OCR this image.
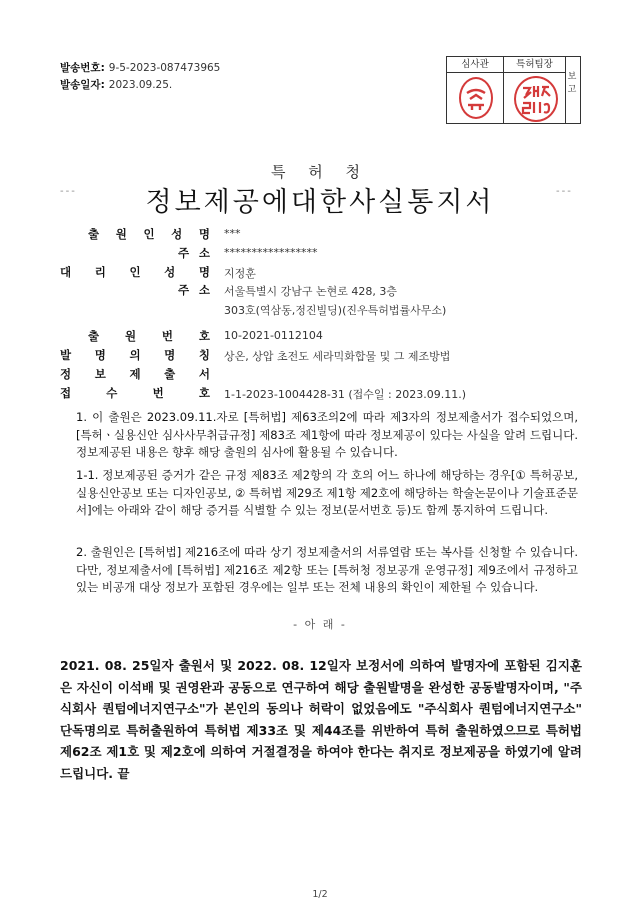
발송번호: 9-5-2023-087473965
발송일자: 2023.09.25.
심사관	특허팀장
보고
특 허 청
---	정보제공에대한사실통지서	---
출 원 인 성 명 ***
주 소 *****************
대 리 인 성 명 지정훈
주 소 서울특별시 강남구 논현로 428, 3층
303호(역삼동,정진빌딩)(진우특허법률사무소)
출 원 번 호 10-2021-0112104
발 명 의 명 칭 상온, 상압 초전도 세라믹화합물 및 그 제조방법
정 보 제 출 서
접	수	번	호 1-1-2023-1004428-31 (접수일 : 2023.09.11.)
1. 이 출원은 2023.09.11.자로 [특허법] 제63조의2에 따라 제3자의 정보제출서가 접수되었으며, [특허ㆍ실용신안 심사사무취급규정] 제83조 제1항에 따라 정보제공이 있다는 사실을 알려 드립니다. 정보제공된 내용은 향후 해당 출원의 심사에 활용될 수 있습니다.
1-1. 정보제공된 증거가 같은 규정 제83조 제2항의 각 호의 어느 하나에 해당하는 경우[① 특허공보, 실용신안공보 또는 디자인공보, ② 특허법 제29조 제1항 제2호에 해당하는 학술논문이나 기술표준문서]에는 아래와 같이 해당 증거를 식별할 수 있는 정보(문서번호 등)도 함께 통지하여 드립니다.
2. 출원인은 [특허법] 제216조에 따라 상기 정보제출서의 서류열람 또는 복사를 신청할 수 있습니다. 다만, 정보제출서에 [특허법] 제216조 제2항 또는 [특허청 정보공개 운영규정] 제9조에서 규정하고 있는 비공개 대상 정보가 포함된 경우에는 일부 또는 전체 내용의 확인이 제한될 수 있습니다.
- 아 래 -
2021. 08. 25일자 출원서 및 2022. 08. 12일자 보정서에 의하여 발명자에 포함된 김지훈은 자신이 이석배 및 권영완과 공동으로 연구하여 해당 출원발명을 완성한 공동발명자이며, "주식회사 퀀텀에너지연구소"가 본인의 동의나 허락이 없었음에도 "주식회사 퀀텀에너지연구소" 단독명의로 특허출원하여 특허법 제33조 및 제44조를 위반하여 특허 출원하였으므로 특허법 제62조 제1호 및 제2호에 의하여 거절결정을 하여야 한다는 취지로 정보제공을 하였기에 알려드립니다. 끝
1/2
